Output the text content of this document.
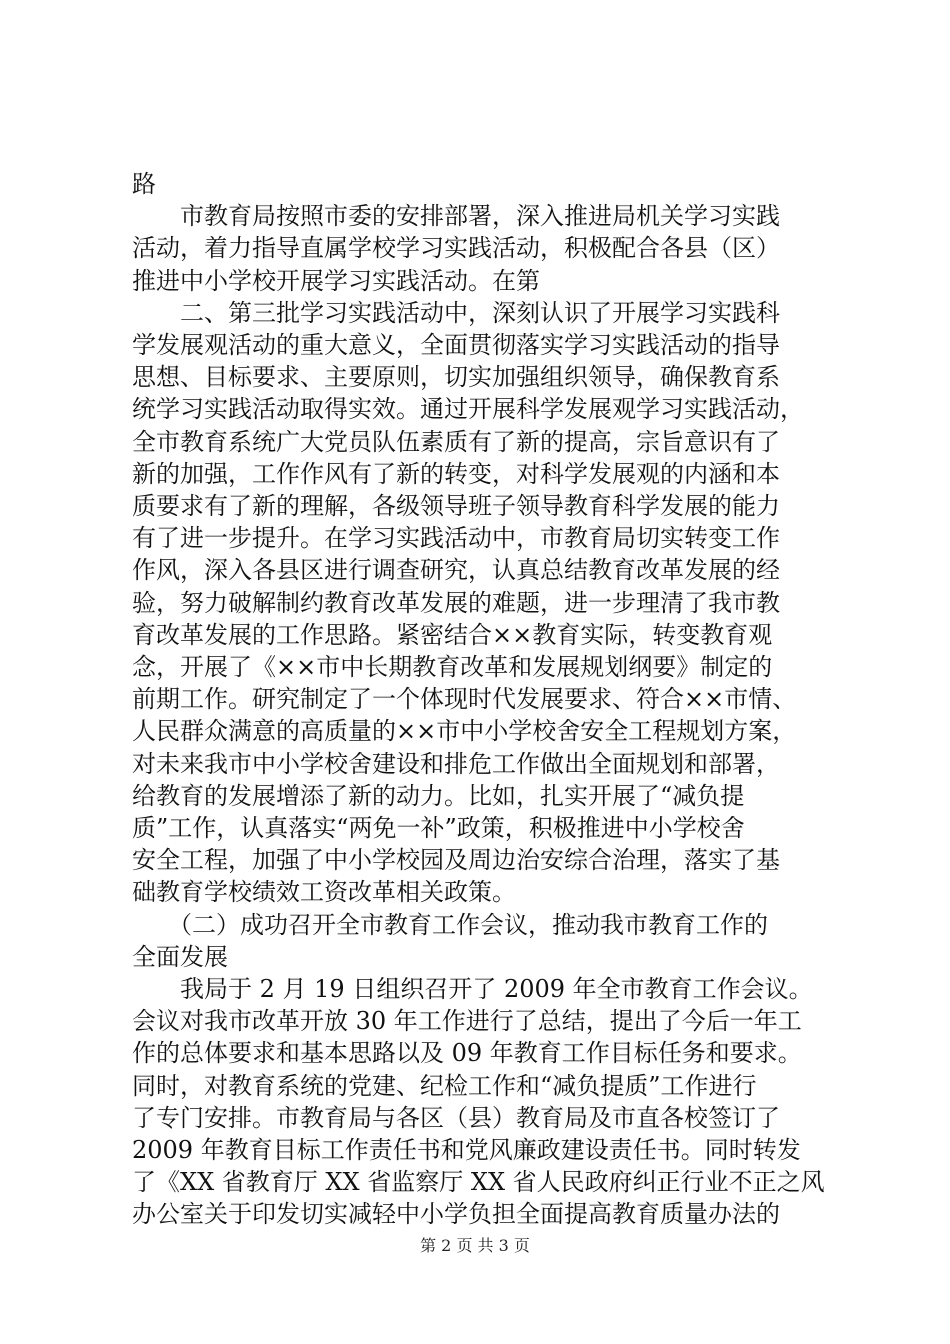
路

　　市教育局按照市委的安排部署，深入推进局机关学习实践

活动，着力指导直属学校学习实践活动，积极配合各县（区）

推进中小学校开展学习实践活动。在第

　　二、第三批学习实践活动中，深刻认识了开展学习实践科

学发展观活动的重大意义，全面贯彻落实学习实践活动的指导

思想、目标要求、主要原则，切实加强组织领导，确保教育系

统学习实践活动取得实效。通过开展科学发展观学习实践活动，

全市教育系统广大党员队伍素质有了新的提高，宗旨意识有了

新的加强，工作作风有了新的转变，对科学发展观的内涵和本

质要求有了新的理解，各级领导班子领导教育科学发展的能力

有了进一步提升。在学习实践活动中，市教育局切实转变工作

作风，深入各县区进行调查研究，认真总结教育改革发展的经

验，努力破解制约教育改革发展的难题，进一步理清了我市教

育改革发展的工作思路。紧密结合××教育实际，转变教育观

念，开展了《××市中长期教育改革和发展规划纲要》制定的

前期工作。研究制定了一个体现时代发展要求、符合××市情、

人民群众满意的高质量的××市中小学校舍安全工程规划方案，

对未来我市中小学校舍建设和排危工作做出全面规划和部署，

给教育的发展增添了新的动力。比如，扎实开展了“减负提

质”工作，认真落实“两免一补”政策，积极推进中小学校舍

安全工程，加强了中小学校园及周边治安综合治理，落实了基

础教育学校绩效工资改革相关政策。

　　（二）成功召开全市教育工作会议，推动我市教育工作的

全面发展

　　我局于 2 月 19 日组织召开了 2009 年全市教育工作会议。

会议对我市改革开放 30 年工作进行了总结，提出了今后一年工

作的总体要求和基本思路以及 09 年教育工作目标任务和要求。

同时，对教育系统的党建、纪检工作和“减负提质”工作进行

了专门安排。市教育局与各区（县）教育局及市直各校签订了

2009 年教育目标工作责任书和党风廉政建设责任书。同时转发

了《XX 省教育厅 XX 省监察厅 XX 省人民政府纠正行业不正之风

办公室关于印发切实减轻中小学负担全面提高教育质量办法的

第 2 页 共 3 页
